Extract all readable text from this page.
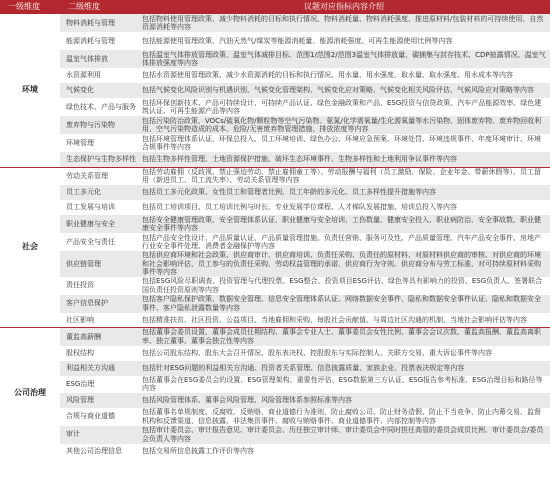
一级维度	二级维度	议题对应指标内容介绍
环境	物料消耗与管理	包括物料使用管理政策、减少物料消耗的目标和执行情况、物料消耗量、物料消耗强度、推进原材料/包装材料的可持续使用、自然资源消耗等内容
	能源消耗与管理	包括能源使用管理政策、汽油天然气/煤炭等能源消耗量、能源消耗强度、可再生能源使用比例等内容
	温室气体排放	包括温室气体排放管理政策、温室气体减排目标、范围1/范围2/范围3温室气体排放量、碳捕集与封存技术、CDP披露情况、温室气体排放强度等内容
	水资源利用	包括水资源使用管理政策、减少水资源消耗的目标和执行情况、用水量、用水强度、取水量、取水强度、用水成本等内容
	气候变化	包括气候变化风险识别与机遇识别、气候变化管理架构、气候变化应对策略、气候变化相关风险评估、气候风险应对策略等内容
	绿色技术、产品与服务	包括环保创新技术、产品可持续设计、可持续产品认证、绿色金融政策和产品、ESG投资与信贷政策、汽车产品能源效率、绿色建筑认证、可再生能源产品等内容
	废弃物与污染物	包括污染防治政策、VOCs/硫氧化物/颗粒物等空气污染物、氨氮/化学需氧量/生化需氧量等水污染物、固体废弃物、废弃物回收利用、空气污染物造成的成本、危险/无害废弃物管理措施、排放浓度等内容
	环境管理	包括环境管理体系认证、环保总投入、员工环境培训、绿色办公、环境应急预案、环境处罚、环境违规事件、年度环境审计、环境合规事件等内容
	生态保护与生物多样性	包括生物多样性管理、土地资源保护措施、破坏生态环境事件、生物多样性和土地利用争议事件等内容
社会	劳动关系管理	包括劳动雇佣（反歧视、禁止强迫劳动、禁止雇佣童工等）、劳动报酬与福利（员工激励、保险、企业年金、带薪休假等）、员工留用（新进员工、员工流失率）、劳动关系管理等内容
	员工多元化	包括员工多元化政策、女性员工和管理者比例、员工年龄的多元化、员工多样性提升措施等内容
	员工发展与培训	包括员工培训项目、员工培训比例与时长、专业发展学位课程、人才梯队发展措施、培训总投入等内容
	职业健康与安全	包括安全健康管理政策、安全管理体系认证、职业健康与安全培训、工伤数量、健康安全投入、职业病防治、安全事故数、职业健康安全事件等内容
	产品安全与责任	包括产品安全性设计、产品质量认证、产品质量管理措施、负责任营销、服务可及性、产品质量管理、汽车产品安全事件、房地产行业安全事件处理、消费者金融保护等内容
	供应链管理	包括供应商环境和社会政策、供应商审计、供应商培训、负责任采购、负责任的原材料、对原材料供应商的审核、对供应商的环境和社会影响评估、员工参与的负责任采购、劳动权益管理的承诺、供应商行为守则、供应商分布与劳工标准、对可持续原材料采购事件等内容
	责任投资	包括ESG风险尽职调查、投资管理与代理投票、ESG整合、投资项目ESG评估、绿色等具有影响力的投资、ESG负责人、签署联合国负责任投资原则等内容
	客户信息保护	包括客户隐私保护政策、数据安全管理、信息安全管理体系认证、网络数据安全事件、隐私和数据安全事件认证、隐私和数据安全事件、客户隐私泄露数量等内容
	社区影响	包括精准扶贫、社区投资、公益项目、当地雇佣和采购、每股社会贡献值、与周边社区沟通的机制、当地社会影响评估等内容
公司治理	董监高薪酬	包括董事会委员设置、董事会成员任期结构、董事会专业人士、董事委员会女性比例、董事会会议次数、董监高报酬、董监高离职率、独立董事、董事会独立性等内容
	股权结构	包括公司股东结构、股东大会召开情况、股东表决权、控股股东与实际控制人、关联方交易、重大诉讼事件等内容
	利益相关方沟通	包括针对ESG问题的利益相关方沟通、投资者关系管理、信息披露质量、家族企业、投票表决规定等内容
	ESG治理	包括董事会在ESG委员会的设置、ESG管理架构、重要性评估、ESG数据第三方认证、ESG报告参考标准、ESG治理目标和路径等内容
	风险管理	包括风险管理体系、董事会风险管理、风险管理体系参照标准等内容
	合规与商业道德	包括董事名单规制度、反腐败、反贿赂、商业道德行为准则、防止腐败公司、防止财务造假、防止不当竞争、防止内幕交易、监督机构和反馈渠道、信息披露、非法集资事件、腐败与贿赂事件、商业道德事件、内部控制等内容
	审计	包括审计委员会、审计报告意见、审计委员会、历任独立审计师、审计委员会中同时担任高管的委员会成员比例、审计委员会/委员会负责人等内容
	其他公司治理信息	包括交易所信息披露工作评价等内容
